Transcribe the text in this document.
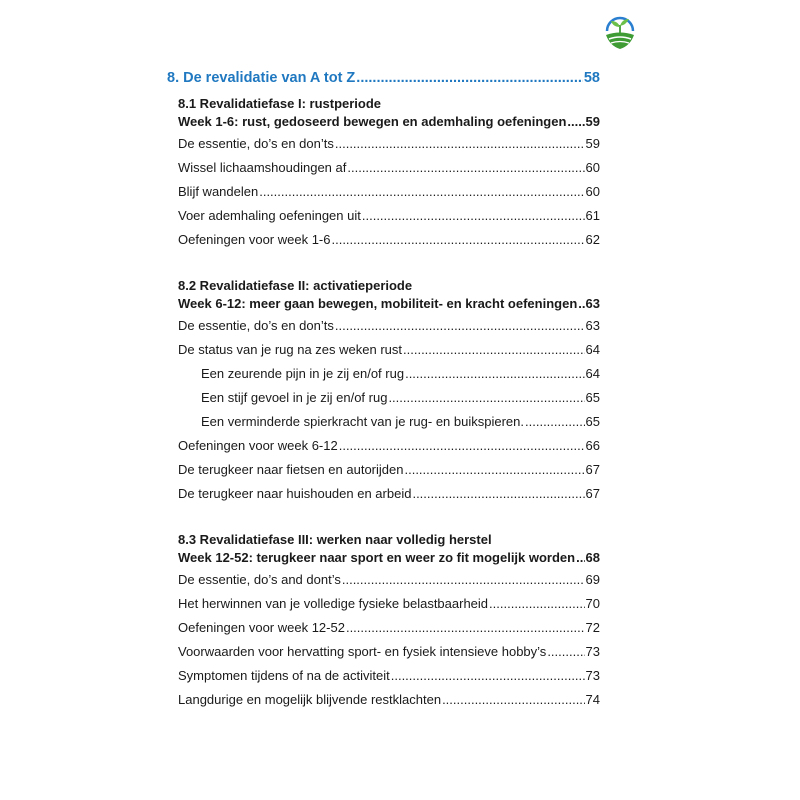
8. De revalidatie van A tot Z .....	58
8.1 Revalidatiefase I: rustperiode
Week 1-6: rust, gedoseerd bewegen en ademhaling oefeningen ..... 59
De essentie, do’s en don’ts .....	59
Wissel lichaamshoudingen af .....	60
Blijf wandelen .....	60
Voer ademhaling oefeningen uit .....	61
Oefeningen voor week 1-6 .....	62
8.2 Revalidatiefase II: activatieperiode
Week 6-12: meer gaan bewegen, mobiliteit- en kracht oefeningen ..... 63
De essentie, do’s en don’ts .....	63
De status van je rug na zes weken rust .....	64
Een zeurende pijn in je zij en/of rug .....	64
Een stijf gevoel in je zij en/of rug .....	65
Een verminderde spierkracht van je rug- en buikspieren. .....	65
Oefeningen voor week 6-12 .....	66
De terugkeer naar fietsen en autorijden .....	67
De terugkeer naar huishouden en arbeid .....	67
8.3 Revalidatiefase III: werken naar volledig herstel
Week 12-52: terugkeer naar sport en weer zo fit mogelijk worden ..... 68
De essentie, do’s and dont’s .....	69
Het herwinnen van je volledige fysieke belastbaarheid .....	70
Oefeningen voor week 12-52 .....	72
Voorwaarden voor hervatting sport- en fysiek intensieve hobby’s .....	73
Symptomen tijdens of na de activiteit .....	73
Langdurige en mogelijk blijvende restklachten .....	74
